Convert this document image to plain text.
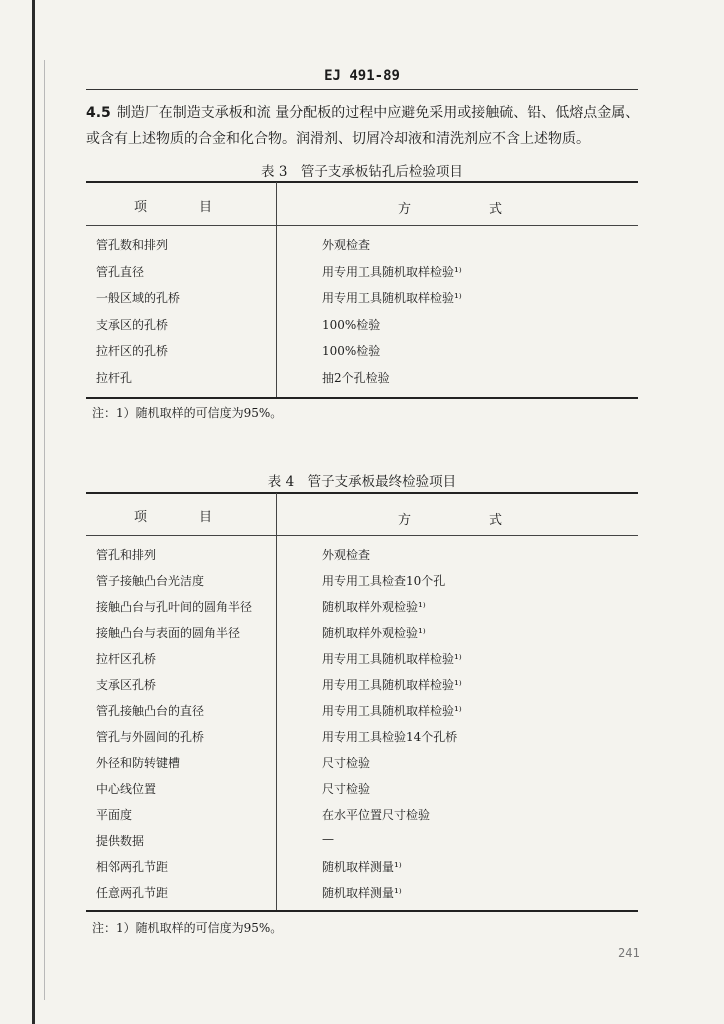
EJ 491-89
4.5 制造厂在制造支承板和流 量分配板的过程中应避免采用或接触硫、铅、低熔点金属、或含有上述物质的合金和化合物。润滑剂、切屑冷却液和清洗剂应不含上述物质。
表 3　管子支承板钻孔后检验项目
项　　　　目	方　　　　　　式
管孔数和排列	外观检查
管孔直径	用专用工具随机取样检验¹⁾
一般区域的孔桥	用专用工具随机取样检验¹⁾
支承区的孔桥	100%检验
拉杆区的孔桥	100%检验
拉杆孔	抽2个孔检验
注：1）随机取样的可信度为95%。
表 4　管子支承板最终检验项目
项　　　　目	方　　　　　　式
管孔和排列	外观检查
管子接触凸台光洁度	用专用工具检查10个孔
接触凸台与孔叶间的圆角半径	随机取样外观检验¹⁾
接触凸台与表面的圆角半径	随机取样外观检验¹⁾
拉杆区孔桥	用专用工具随机取样检验¹⁾
支承区孔桥	用专用工具随机取样检验¹⁾
管孔接触凸台的直径	用专用工具随机取样检验¹⁾
管孔与外圆间的孔桥	用专用工具检验14个孔桥
外径和防转键槽	尺寸检验
中心线位置	尺寸检验
平面度	在水平位置尺寸检验
提供数据	—
相邻两孔节距	随机取样测量¹⁾
任意两孔节距	随机取样测量¹⁾
注：1）随机取样的可信度为95%。
241
